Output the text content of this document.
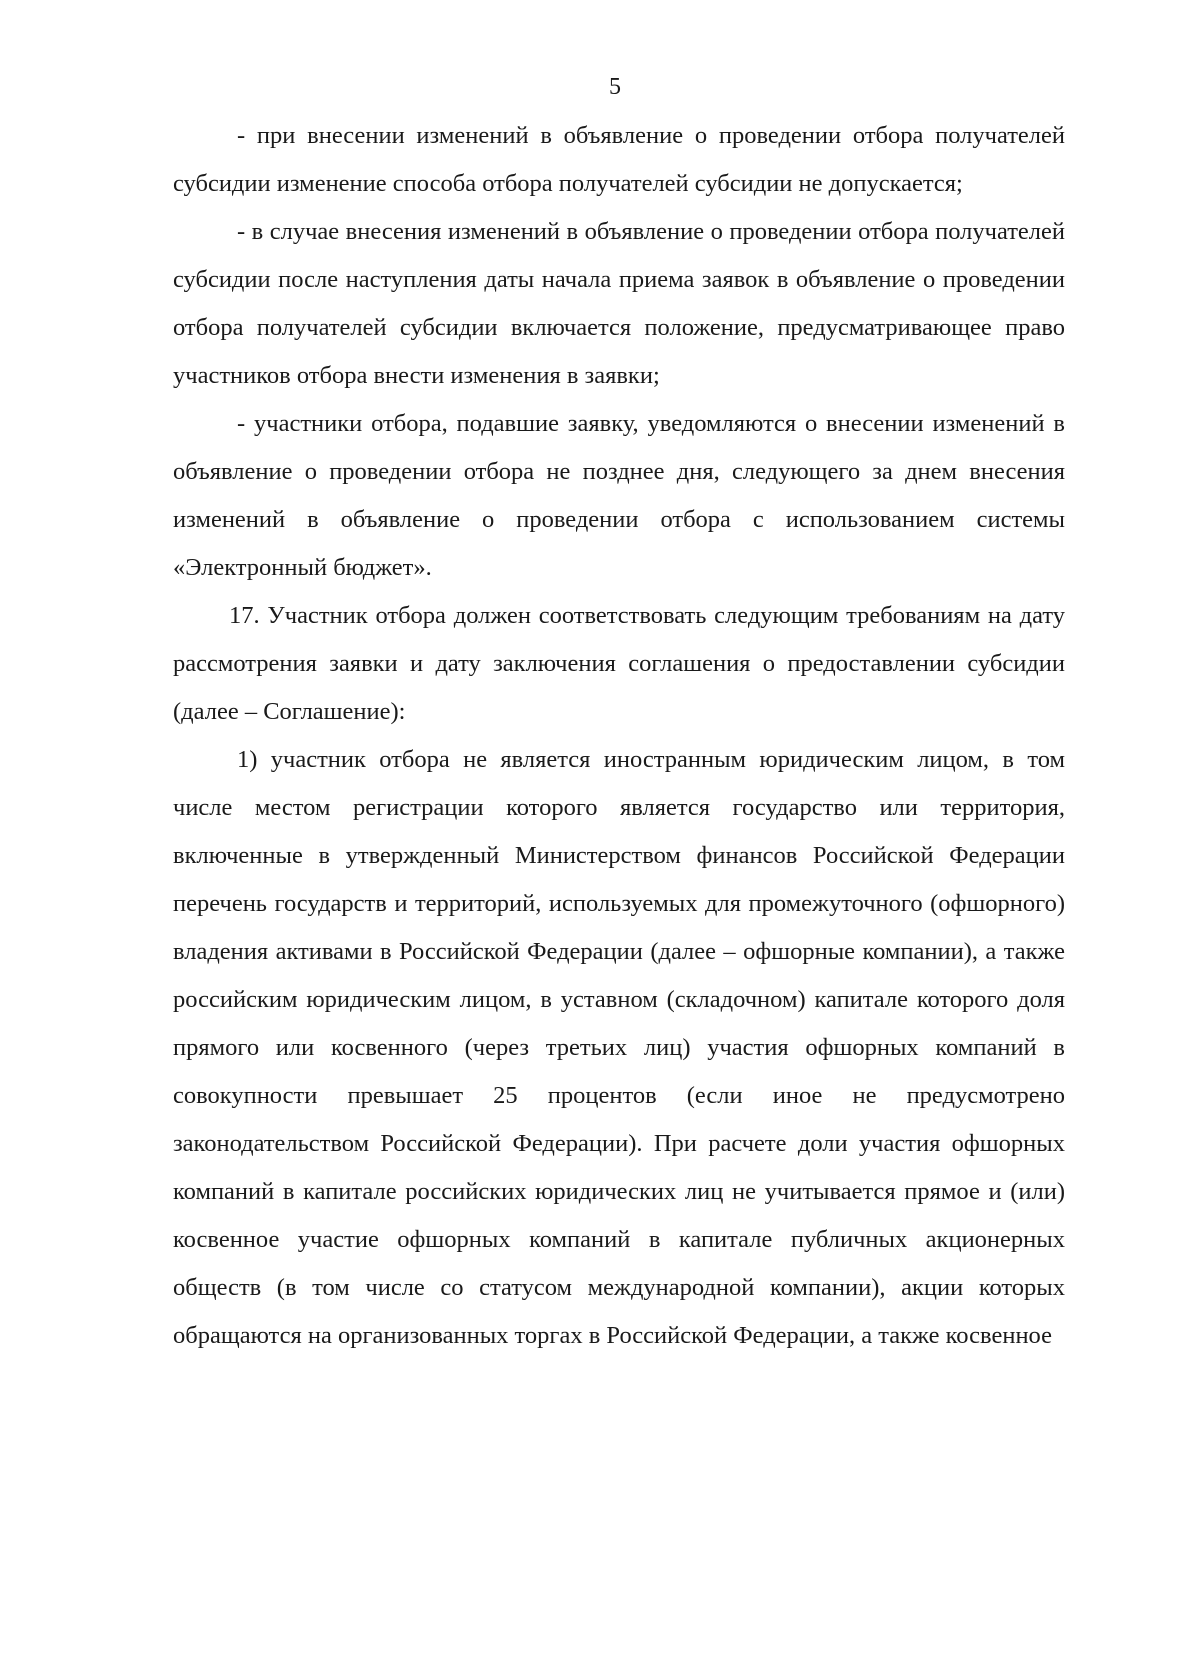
5

- при внесении изменений в объявление о проведении отбора получателей субсидии изменение способа отбора получателей субсидии не допускается;

- в случае внесения изменений в объявление о проведении отбора получателей субсидии после наступления даты начала приема заявок в объявление о проведении отбора получателей субсидии включается положение, предусматривающее право участников отбора внести изменения в заявки;

- участники отбора, подавшие заявку, уведомляются о внесении изменений в объявление о проведении отбора не позднее дня, следующего за днем внесения изменений в объявление о проведении отбора с использованием системы «Электронный бюджет».

17. Участник отбора должен соответствовать следующим требованиям на дату рассмотрения заявки и дату заключения соглашения о предоставлении субсидии (далее – Соглашение):

1) участник отбора не является иностранным юридическим лицом, в том числе местом регистрации которого является государство или территория, включенные в утвержденный Министерством финансов Российской Федерации перечень государств и территорий, используемых для промежуточного (офшорного) владения активами в Российской Федерации (далее – офшорные компании), а также российским юридическим лицом, в уставном (складочном) капитале которого доля прямого или косвенного (через третьих лиц) участия офшорных компаний в совокупности превышает 25 процентов (если иное не предусмотрено законодательством Российской Федерации). При расчете доли участия офшорных компаний в капитале российских юридических лиц не учитывается прямое и (или) косвенное участие офшорных компаний в капитале публичных акционерных обществ (в том числе со статусом международной компании), акции которых обращаются на организованных торгах в Российской Федерации, а также косвенное
